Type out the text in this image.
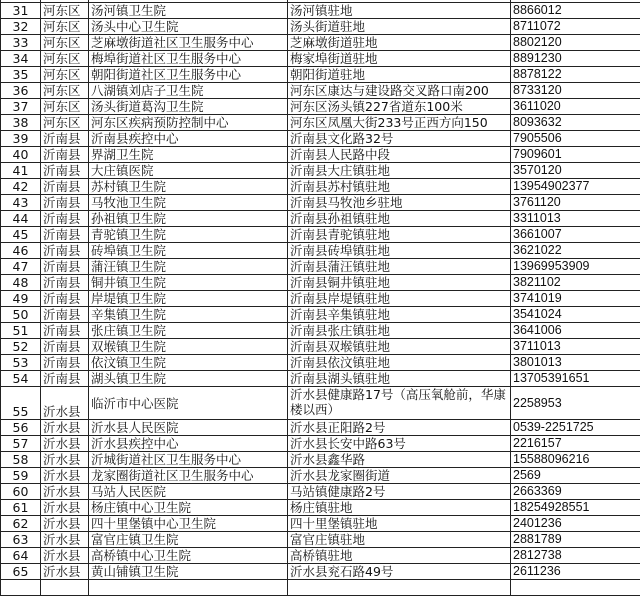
31	河东区	汤河镇卫生院	汤河镇驻地	8866012
32	河东区	汤头中心卫生院	汤头街道驻地	8711072
33	河东区	芝麻墩街道社区卫生服务中心	芝麻墩街道驻地	8802120
34	河东区	梅埠街道社区卫生服务中心	梅家埠街道驻地	8891230
35	河东区	朝阳街道社区卫生服务中心	朝阳街道驻地	8878122
36	河东区	八湖镇刘店子卫生院	河东区康达与建设路交叉路口南200	8733120
37	河东区	汤头街道葛沟卫生院	河东区汤头镇227省道东100米	3611020
38	河东区	河东区疾病预防控制中心	河东区凤凰大街233号正西方向150	8093632
39	沂南县	沂南县疾控中心	沂南县文化路32号	7905506
40	沂南县	界湖卫生院	沂南县人民路中段	7909601
41	沂南县	大庄镇医院	沂南县大庄镇驻地	3570120
42	沂南县	苏村镇卫生院	沂南县苏村镇驻地	13954902377
43	沂南县	马牧池卫生院	沂南县马牧池乡驻地	3761120
44	沂南县	孙祖镇卫生院	沂南县孙祖镇驻地	3311013
45	沂南县	青驼镇卫生院	沂南县青驼镇驻地	3661007
46	沂南县	砖埠镇卫生院	沂南县砖埠镇驻地	3621022
47	沂南县	蒲汪镇卫生院	沂南县蒲汪镇驻地	13969953909
48	沂南县	铜井镇卫生院	沂南县铜井镇驻地	3821102
49	沂南县	岸堤镇卫生院	沂南县岸堤镇驻地	3741019
50	沂南县	辛集镇卫生院	沂南县辛集镇驻地	3541024
51	沂南县	张庄镇卫生院	沂南县张庄镇驻地	3641006
52	沂南县	双堠镇卫生院	沂南县双堠镇驻地	3711013
53	沂南县	依汶镇卫生院	沂南县依汶镇驻地	3801013
54	沂南县	湖头镇卫生院	沂南县湖头镇驻地	13705391651
55	沂水县	临沂市中心医院	沂水县健康路17号（高压氧舱前，华康楼以西）	2258953
56	沂水县	沂水县人民医院	沂水县正阳路2号	0539-2251725
57	沂水县	沂水县疾控中心	沂水县长安中路63号	2216157
58	沂水县	沂城街道社区卫生服务中心	沂水县鑫华路	15588096216
59	沂水县	龙家圈街道社区卫生服务中心	沂水县龙家圈街道	2569
60	沂水县	马站人民医院	马站镇健康路2号	2663369
61	沂水县	杨庄镇中心卫生院	杨庄镇驻地	18254928551
62	沂水县	四十里堡镇中心卫生院	四十里堡镇驻地	2401236
63	沂水县	富官庄镇卫生院	富官庄镇驻地	2881789
64	沂水县	高桥镇中心卫生院	高桥镇驻地	2812738
65	沂水县	黄山铺镇卫生院	沂水县兖石路49号	2611236
